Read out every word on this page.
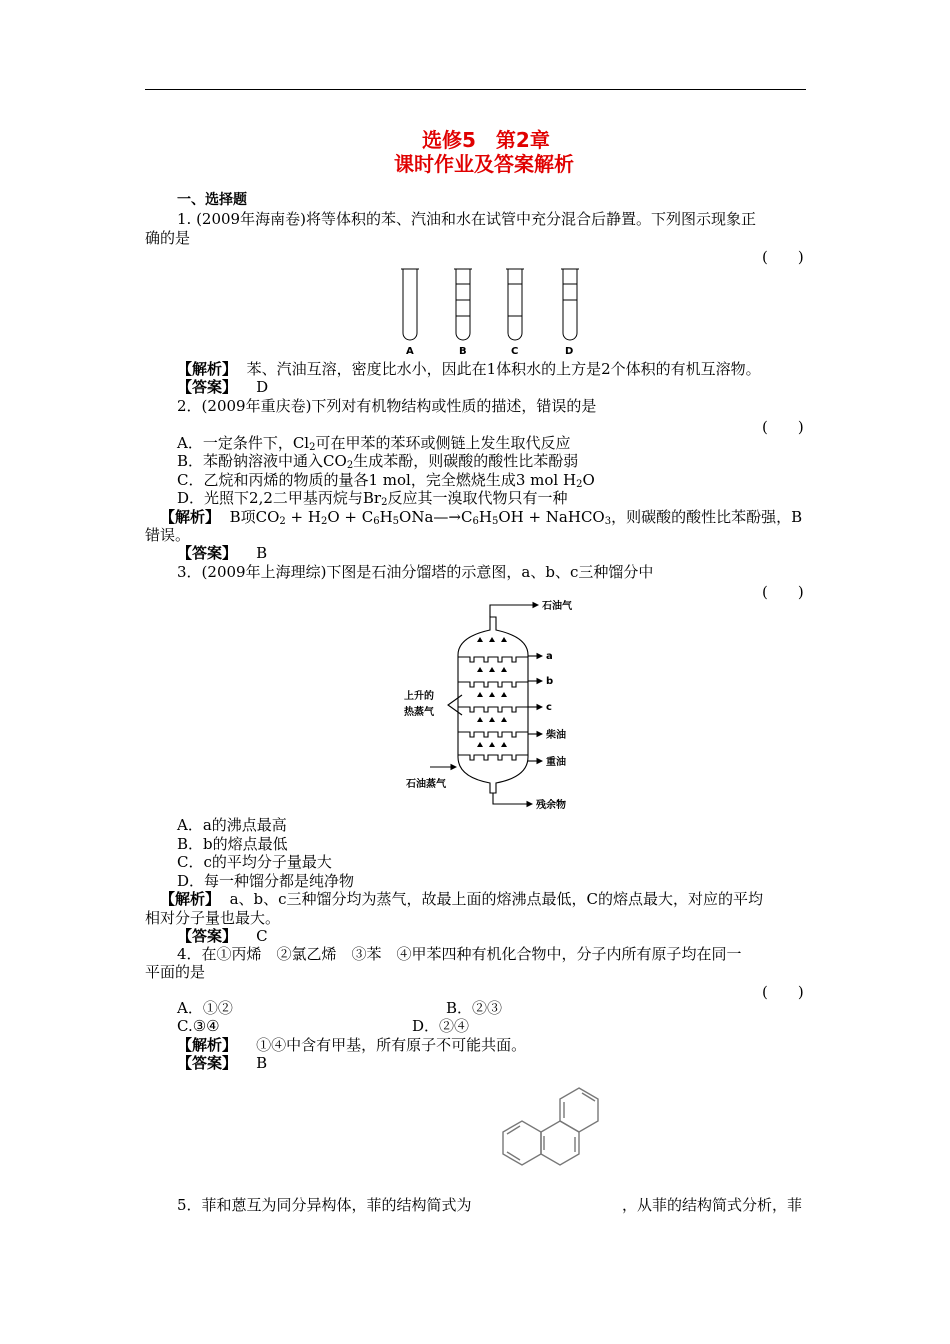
选修5　第2章
课时作业及答案解析
一、选择题
1. (2009年海南卷)将等体积的苯、汽油和水在试管中充分混合后静置。下列图示现象正
确的是
(　　)
A	B	C	D
【解析】 苯、汽油互溶，密度比水小，因此在1体积水的上方是2个体积的有机互溶物。
【答案】 D
2．(2009年重庆卷)下列对有机物结构或性质的描述，错误的是
(　　)
A．一定条件下，$Cl_2$可在甲苯的苯环或侧链上发生取代反应
B．苯酚钠溶液中通入$CO_2$生成苯酚，则碳酸的酸性比苯酚弱
C．乙烷和丙烯的物质的量各1 mol，完全燃烧生成3 mol $H_2O$
D．光照下2,2二甲基丙烷与$Br_2$反应其一溴取代物只有一种
【解析】 B项$CO_2 + H_2O$ + $C_6H_5ONa—\to C_6H_5OH$ + NaHCO$_3$，则碳酸的酸性比苯酚强，B
错误。
【答案】 B
3．(2009年上海理综)下图是石油分馏塔的示意图，a、b、c三种馏分中
(　　)
石油气
a
b
c
柴油
重油
上升的
热蒸气
石油蒸气
残余物
A．a的沸点最高
B．b的熔点最低
C．c的平均分子量最大
D．每一种馏分都是纯净物
【解析】 a、b、c三种馏分均为蒸气，故最上面的熔沸点最低，C的熔点最大，对应的平均
相对分子量也最大。
【答案】 C
4．在①丙烯　②氯乙烯　③苯　④甲苯四种有机化合物中，分子内所有原子均在同一
平面的是
(　　)
A．①②	B．②③
C.③④	D．②④
【解析】 ①④中含有甲基，所有原子不可能共面。
【答案】 B
5．菲和蒽互为同分异构体，菲的结构简式为	，从菲的结构简式分析，菲
